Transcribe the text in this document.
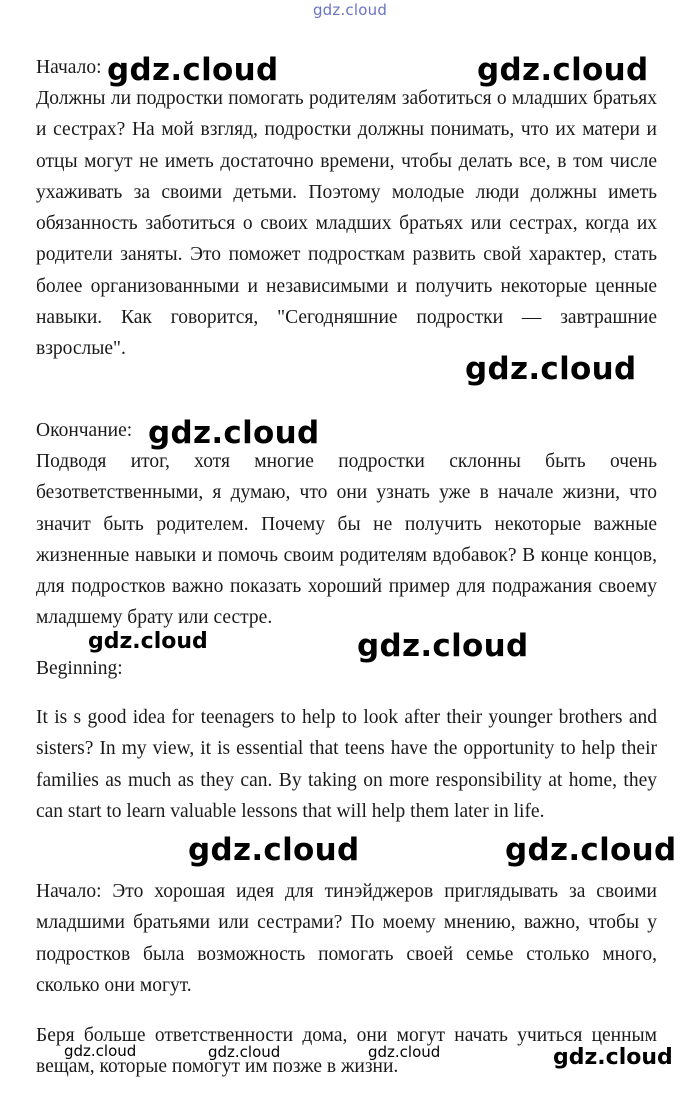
gdz.cloud
Начало:
Должны ли подростки помогать родителям заботиться о младших братьях и сестрах? На мой взгляд, подростки должны понимать, что их матери и отцы могут не иметь достаточно времени, чтобы делать все, в том числе ухаживать за своими детьми. Поэтому молодые люди должны иметь обязанность заботиться о своих младших братьях или сестрах, когда их родители заняты. Это поможет подросткам развить свой характер, стать более организованными и независимыми и получить некоторые ценные навыки. Как говорится, "Сегодняшние подростки — завтрашние взрослые".
Окончание:
Подводя итог, хотя многие подростки склонны быть очень безответственными, я думаю, что они узнать уже в начале жизни, что значит быть родителем. Почему бы не получить некоторые важные жизненные навыки и помочь своим родителям вдобавок? В конце концов, для подростков важно показать хороший пример для подражания своему младшему брату или сестре.
Beginning:
It is s good idea for teenagers to help to look after their younger brothers and sisters? In my view, it is essential that teens have the opportunity to help their families as much as they can. By taking on more responsibility at home, they can start to learn valuable lessons that will help them later in life.
Начало: Это хорошая идея для тинэйджеров приглядывать за своими младшими братьями или сестрами? По моему мнению, важно, чтобы у подростков была возможность помогать своей семье столько много, сколько они могут.
Беря больше ответственности дома, они могут начать учиться ценным вещам, которые помогут им позже в жизни.
gdz.cloud	gdz.cloud
gdz.cloud
gdz.cloud
gdz.cloud	gdz.cloud
gdz.cloud	gdz.cloud
gdz.cloud	gdz.cloud	gdz.cloud	gdz.cloud
